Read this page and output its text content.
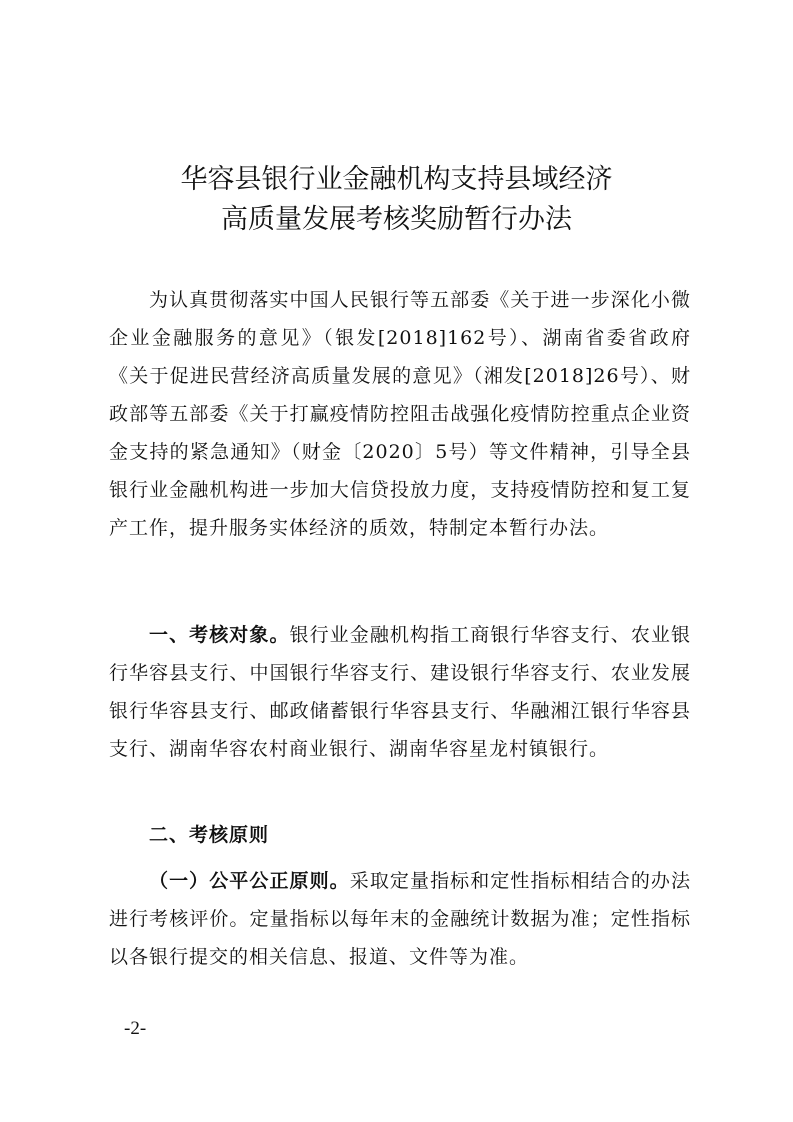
华容县银行业金融机构支持县域经济
高质量发展考核奖励暂行办法

为认真贯彻落实中国人民银行等五部委《关于进一步深化小微企业金融服务的意见》（银发[2018]162号）、湖南省委省政府《关于促进民营经济高质量发展的意见》（湘发[2018]26号）、财政部等五部委《关于打赢疫情防控阻击战强化疫情防控重点企业资金支持的紧急通知》（财金〔2020〕5号）等文件精神，引导全县银行业金融机构进一步加大信贷投放力度，支持疫情防控和复工复产工作，提升服务实体经济的质效，特制定本暂行办法。

一、考核对象。银行业金融机构指工商银行华容支行、农业银行华容县支行、中国银行华容支行、建设银行华容支行、农业发展银行华容县支行、邮政储蓄银行华容县支行、华融湘江银行华容县支行、湖南华容农村商业银行、湖南华容星龙村镇银行。

二、考核原则

（一）公平公正原则。采取定量指标和定性指标相结合的办法进行考核评价。定量指标以每年末的金融统计数据为准；定性指标以各银行提交的相关信息、报道、文件等为准。

-2-
